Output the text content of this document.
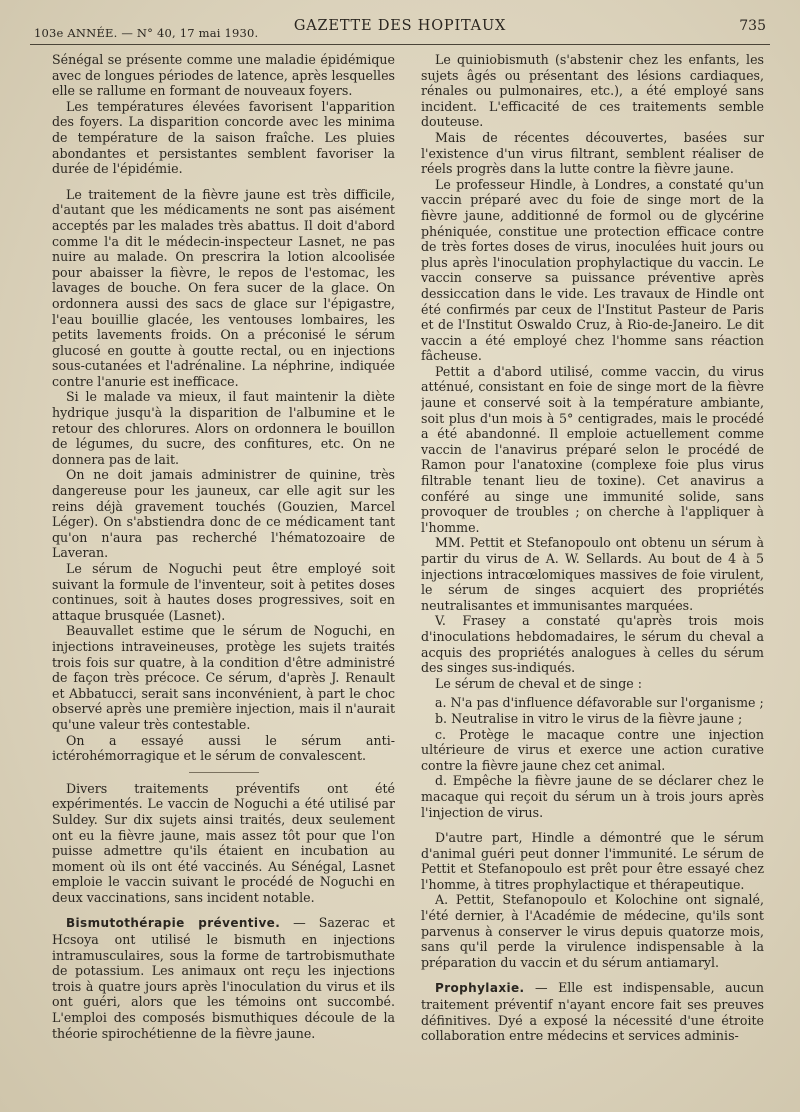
103e ANNÉE. — N° 40, 17 mai 1930.	GAZETTE DES HOPITAUX	735

Sénégal se présente comme une maladie épidémique avec de longues périodes de latence, après lesquelles elle se rallume en formant de nouveaux foyers.

Les températures élevées favorisent l'apparition des foyers. La disparition concorde avec les minima de température de la saison fraîche. Les pluies abondantes et persistantes semblent favoriser la durée de l'épidémie.

Le traitement de la fièvre jaune est très difficile, d'autant que les médicaments ne sont pas aisément acceptés par les malades très abattus. Il doit d'abord comme l'a dit le médecin-inspecteur Lasnet, ne pas nuire au malade. On prescrira la lotion alcoolisée pour abaisser la fièvre, le repos de l'estomac, les lavages de bouche. On fera sucer de la glace. On ordonnera aussi des sacs de glace sur l'épigastre, l'eau bouillie glacée, les ventouses lombaires, les petits lavements froids. On a préconisé le sérum glucosé en goutte à goutte rectal, ou en injections sous-cutanées et l'adrénaline. La néphrine, indiquée contre l'anurie est inefficace.

Si le malade va mieux, il faut maintenir la diète hydrique jusqu'à la disparition de l'albumine et le retour des chlorures. Alors on ordonnera le bouillon de légumes, du sucre, des confitures, etc. On ne donnera pas de lait.

On ne doit jamais administrer de quinine, très dangereuse pour les jauneux, car elle agit sur les reins déjà gravement touchés (Gouzien, Marcel Léger). On s'abstiendra donc de ce médicament tant qu'on n'aura pas recherché l'hématozoaire de Laveran.

Le sérum de Noguchi peut être employé soit suivant la formule de l'inventeur, soit à petites doses continues, soit à hautes doses progressives, soit en attaque brusquée (Lasnet).

Beauvallet estime que le sérum de Noguchi, en injections intraveineuses, protège les sujets traités trois fois sur quatre, à la condition d'être administré de façon très précoce. Ce sérum, d'après J. Renault et Abbatucci, serait sans inconvénient, à part le choc observé après une première injection, mais il n'aurait qu'une valeur très contestable.

On a essayé aussi le sérum anti-ictérohémorragique et le sérum de convalescent.

Divers traitements préventifs ont été expérimentés. Le vaccin de Noguchi a été utilisé par Suldey. Sur dix sujets ainsi traités, deux seulement ont eu la fièvre jaune, mais assez tôt pour que l'on puisse admettre qu'ils étaient en incubation au moment où ils ont été vaccinés. Au Sénégal, Lasnet emploie le vaccin suivant le procédé de Noguchi en deux vaccinations, sans incident notable.

Bismutothérapie préventive. — Sazerac et Hcsoya ont utilisé le bismuth en injections intramusculaires, sous la forme de tartrobismuthate de potassium. Les animaux ont reçu les injections trois à quatre jours après l'inoculation du virus et ils ont guéri, alors que les témoins ont succombé. L'emploi des composés bismuthiques découle de la théorie spirochétienne de la fièvre jaune.

Le quiniobismuth (s'abstenir chez les enfants, les sujets âgés ou présentant des lésions cardiaques, rénales ou pulmonaires, etc.), a été employé sans incident. L'efficacité de ces traitements semble douteuse.

Mais de récentes découvertes, basées sur l'existence d'un virus filtrant, semblent réaliser de réels progrès dans la lutte contre la fièvre jaune.

Le professeur Hindle, à Londres, a constaté qu'un vaccin préparé avec du foie de singe mort de la fièvre jaune, additionné de formol ou de glycérine phéniquée, constitue une protection efficace contre de très fortes doses de virus, inoculées huit jours ou plus après l'inoculation prophylactique du vaccin. Le vaccin conserve sa puissance préventive après dessiccation dans le vide. Les travaux de Hindle ont été confirmés par ceux de l'Institut Pasteur de Paris et de l'Institut Oswaldo Cruz, à Rio-de-Janeiro. Le dit vaccin a été employé chez l'homme sans réaction fâcheuse.

Pettit a d'abord utilisé, comme vaccin, du virus atténué, consistant en foie de singe mort de la fièvre jaune et conservé soit à la température ambiante, soit plus d'un mois à 5° centigrades, mais le procédé a été abandonné. Il emploie actuellement comme vaccin de l'anavirus préparé selon le procédé de Ramon pour l'anatoxine (complexe foie plus virus filtrable tenant lieu de toxine). Cet anavirus a conféré au singe une immunité solide, sans provoquer de troubles ; on cherche à l'appliquer à l'homme.

MM. Pettit et Stefanopoulo ont obtenu un sérum à partir du virus de A. W. Sellards. Au bout de 4 à 5 injections intracœlomiques massives de foie virulent, le sérum de singes acquiert des propriétés neutralisantes et immunisantes marquées.

V. Frasey a constaté qu'après trois mois d'inoculations hebdomadaires, le sérum du cheval a acquis des propriétés analogues à celles du sérum des singes sus-indiqués.

Le sérum de cheval et de singe :

a. N'a pas d'influence défavorable sur l'organisme ;

b. Neutralise in vitro le virus de la fièvre jaune ;

c. Protège le macaque contre une injection ultérieure de virus et exerce une action curative contre la fièvre jaune chez cet animal.

d. Empêche la fièvre jaune de se déclarer chez le macaque qui reçoit du sérum un à trois jours après l'injection de virus.

D'autre part, Hindle a démontré que le sérum d'animal guéri peut donner l'immunité. Le sérum de Pettit et Stefanopoulo est prêt pour être essayé chez l'homme, à titres prophylactique et thérapeutique.

A. Pettit, Stefanopoulo et Kolochine ont signalé, l'été dernier, à l'Académie de médecine, qu'ils sont parvenus à conserver le virus depuis quatorze mois, sans qu'il perde la virulence indispensable à la préparation du vaccin et du sérum antiamaryl.

Prophylaxie. — Elle est indispensable, aucun traitement préventif n'ayant encore fait ses preuves définitives. Dyé a exposé la nécessité d'une étroite collaboration entre médecins et services adminis-
